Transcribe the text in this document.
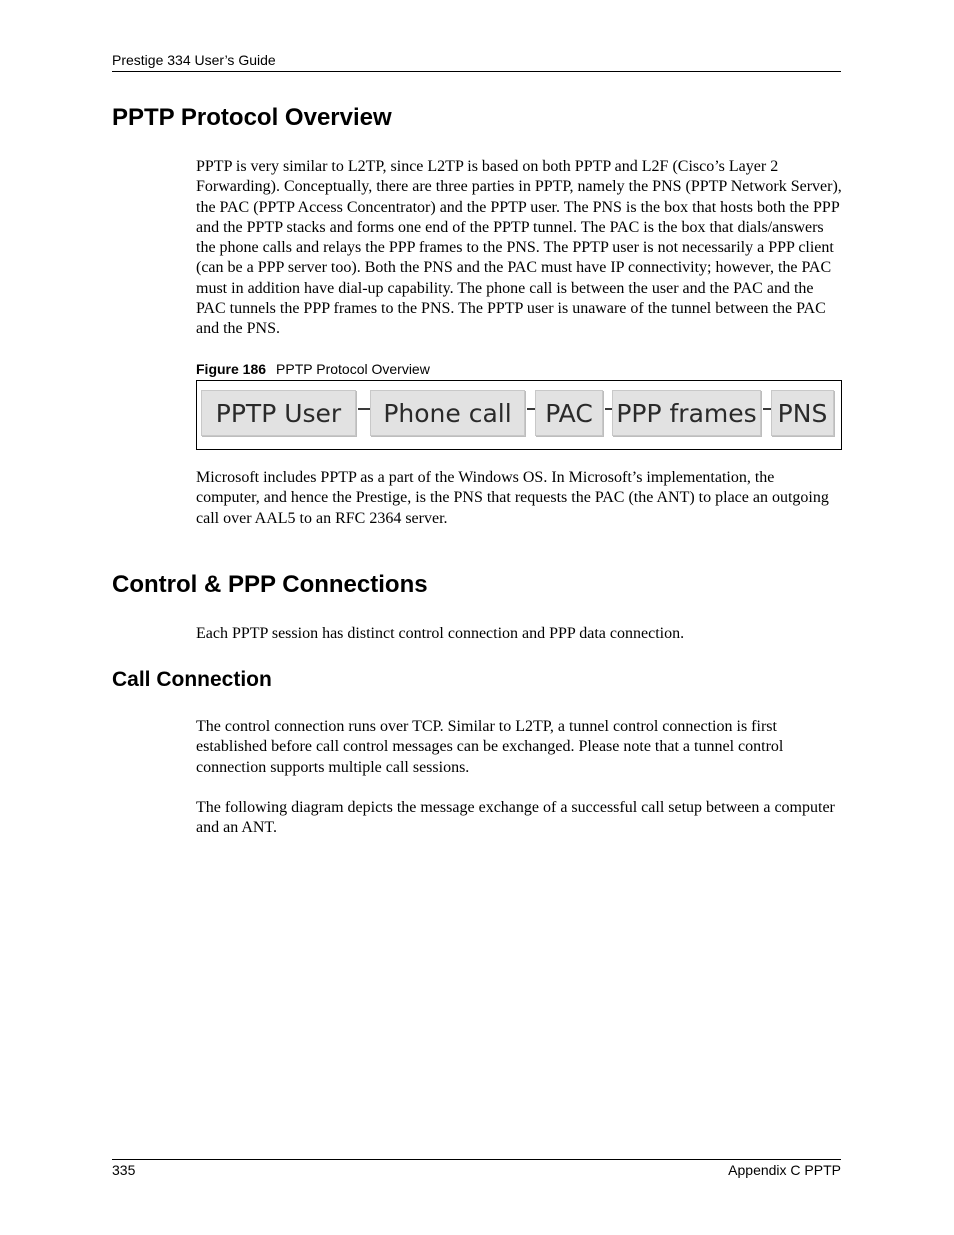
Prestige 334 User’s Guide
PPTP Protocol Overview

PPTP is very similar to L2TP, since L2TP is based on both PPTP and L2F (Cisco’s Layer 2 Forwarding). Conceptually, there are three parties in PPTP, namely the PNS (PPTP Network Server), the PAC (PPTP Access Concentrator) and the PPTP user. The PNS is the box that hosts both the PPP and the PPTP stacks and forms one end of the PPTP tunnel. The PAC is the box that dials/answers the phone calls and relays the PPP frames to the PNS. The PPTP user is not necessarily a PPP client (can be a PPP server too). Both the PNS and the PAC must have IP connectivity; however, the PAC must in addition have dial-up capability. The phone call is between the user and the PAC and the PAC tunnels the PPP frames to the PNS. The PPTP user is unaware of the tunnel between the PAC and the PNS.

Figure 186 PPTP Protocol Overview
PPTP User	Phone call	PAC PPP frames PNS

Microsoft includes PPTP as a part of the Windows OS. In Microsoft’s implementation, the computer, and hence the Prestige, is the PNS that requests the PAC (the ANT) to place an outgoing call over AAL5 to an RFC 2364 server.

Control & PPP Connections

Each PPTP session has distinct control connection and PPP data connection.

Call Connection

The control connection runs over TCP. Similar to L2TP, a tunnel control connection is first established before call control messages can be exchanged. Please note that a tunnel control connection supports multiple call sessions.

The following diagram depicts the message exchange of a successful call setup between a computer and an ANT.

335	Appendix C PPTP
